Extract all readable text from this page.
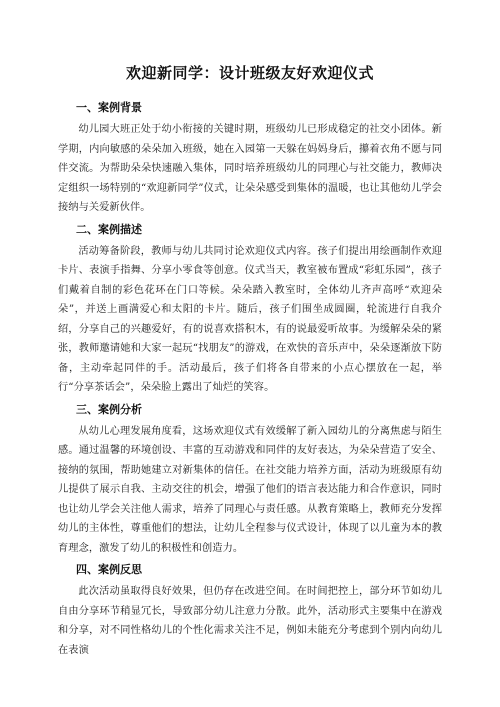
欢迎新同学：设计班级友好欢迎仪式
一、案例背景

幼儿园大班正处于幼小衔接的关键时期，班级幼儿已形成稳定的社交小团体。新学期，内向敏感的朵朵加入班级，她在入园第一天躲在妈妈身后，攥着衣角不愿与同伴交流。为帮助朵朵快速融入集体，同时培养班级幼儿的同理心与社交能力，教师决定组织一场特别的“欢迎新同学”仪式，让朵朵感受到集体的温暖，也让其他幼儿学会接纳与关爱新伙伴。

二、案例描述

活动筹备阶段，教师与幼儿共同讨论欢迎仪式内容。孩子们提出用绘画制作欢迎卡片、表演手指舞、分享小零食等创意。仪式当天，教室被布置成“彩虹乐园”，孩子们戴着自制的彩色花环在门口等候。朵朵踏入教室时，全体幼儿齐声高呼“欢迎朵朵”，并送上画满爱心和太阳的卡片。随后，孩子们围坐成圆圈，轮流进行自我介绍，分享自己的兴趣爱好，有的说喜欢搭积木，有的说最爱听故事。为缓解朵朵的紧张，教师邀请她和大家一起玩“找朋友”的游戏，在欢快的音乐声中，朵朵逐渐放下防备，主动牵起同伴的手。活动最后，孩子们将各自带来的小点心摆放在一起，举行“分享茶话会”，朵朵脸上露出了灿烂的笑容。

三、案例分析

从幼儿心理发展角度看，这场欢迎仪式有效缓解了新入园幼儿的分离焦虑与陌生感。通过温馨的环境创设、丰富的互动游戏和同伴的友好表达，为朵朵营造了安全、接纳的氛围，帮助她建立对新集体的信任。在社交能力培养方面，活动为班级原有幼儿提供了展示自我、主动交往的机会，增强了他们的语言表达能力和合作意识，同时也让幼儿学会关注他人需求，培养了同理心与责任感。从教育策略上，教师充分发挥幼儿的主体性，尊重他们的想法，让幼儿全程参与仪式设计，体现了以儿童为本的教育理念，激发了幼儿的积极性和创造力。

四、案例反思

此次活动虽取得良好效果，但仍存在改进空间。在时间把控上，部分环节如幼儿自由分享环节稍显冗长，导致部分幼儿注意力分散。此外，活动形式主要集中在游戏和分享，对不同性格幼儿的个性化需求关注不足，例如未能充分考虑到个别内向幼儿在表演
